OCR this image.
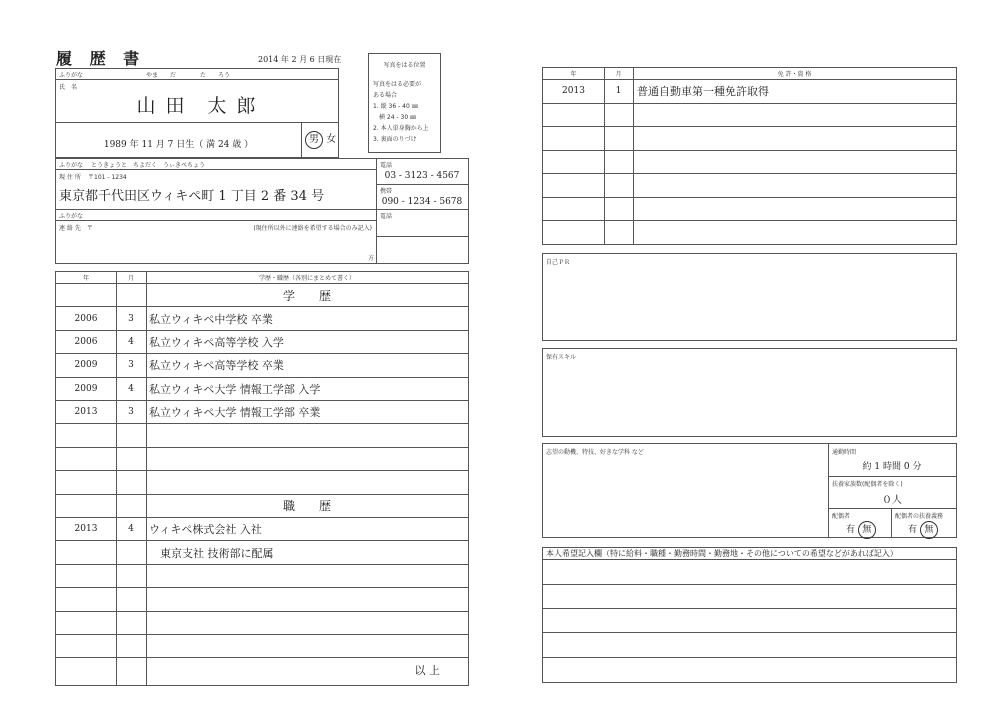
履 歴 書	2014 年 2 月 6 日現在
ふりがな	やま　　だ　　　　た　　ろう
氏　名
山 田　太 郎
1989 年 11 月 7 日生（ 満 24 歳 ）	男 女
写真をはる位置
写真をはる必要が
ある場合
1. 縦 36 - 40 ㎜
　横 24 - 30 ㎜
2. 本人単身胸から上
3. 裏面のりづけ
ふりがな とうきょうと　ちよだく　うぃきぺちょう
現 住 所 〒101 - 1234
東京都千代田区ウィキペ町 1 丁目 2 番 34 号
電話
03 - 3123 - 4567
携帯
090 - 1234 - 5678
ふりがな
連 絡 先　〒	(現住所以外に連絡を希望する場合のみ記入)
方
電話
年	月	学歴・職歴（各別にまとめて書く）
学　　歴
2006	3	私立ウィキペ中学校 卒業
2006	4	私立ウィキペ高等学校 入学
2009	3	私立ウィキペ高等学校 卒業
2009	4	私立ウィキペ大学 情報工学部 入学
2013	3	私立ウィキペ大学 情報工学部 卒業
職　　歴
2013	4	ウィキペ株式会社 入社
　東京支社 技術部に配属
以 上
年	月	免 許・資 格
2013	1	普通自動車第一種免許取得
自己ＰＲ
保有スキル
志望の動機、特技、好きな学科 など	通勤時間
約 1 時間 0 分
扶養家族数(配偶者を除く)
０人
配偶者
有 無
配偶者の扶養義務
有 無
本人希望記入欄（特に給料・職種・勤務時間・勤務地・その他についての希望などがあれば記入）
